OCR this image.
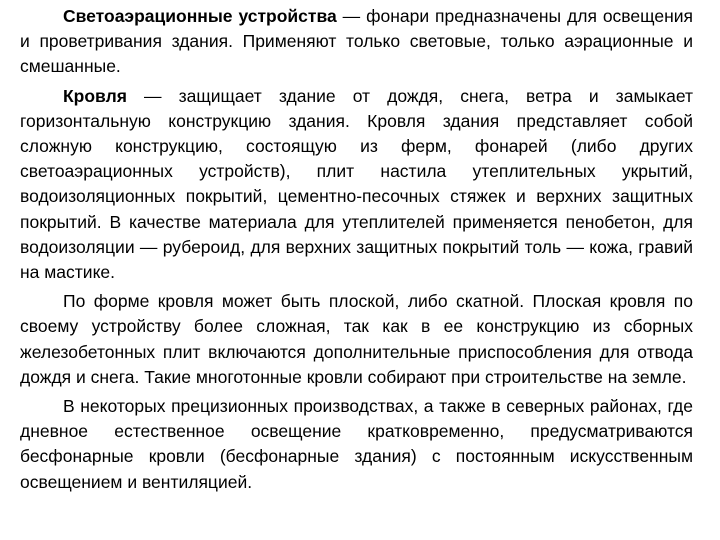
Светоаэрационные устройства — фонари предназначены для освещения и проветривания здания. Применяют только световые, только аэрационные и смешанные.

Кровля — защищает здание от дождя, снега, ветра и замыкает горизонтальную конструкцию здания. Кровля здания представляет собой сложную конструкцию, состоящую из ферм, фонарей (либо других светоаэрационных устройств), плит настила утеплительных укрытий, водоизоляционных покрытий, цементно-песочных стяжек и верхних защитных покрытий. В качестве материала для утеплителей применяется пенобетон, для водоизоляции — рубероид, для верхних защитных покрытий толь — кожа, гравий на мастике.

По форме кровля может быть плоской, либо скатной. Плоская кровля по своему устройству более сложная, так как в ее конструкцию из сборных железобетонных плит включаются дополнительные приспособления для отвода дождя и снега. Такие многотонные кровли собирают при строительстве на земле.

В некоторых прецизионных производствах, а также в северных районах, где дневное естественное освещение кратковременно, предусматриваются бесфонарные кровли (бесфонарные здания) с постоянным искусственным освещением и вентиляцией.
